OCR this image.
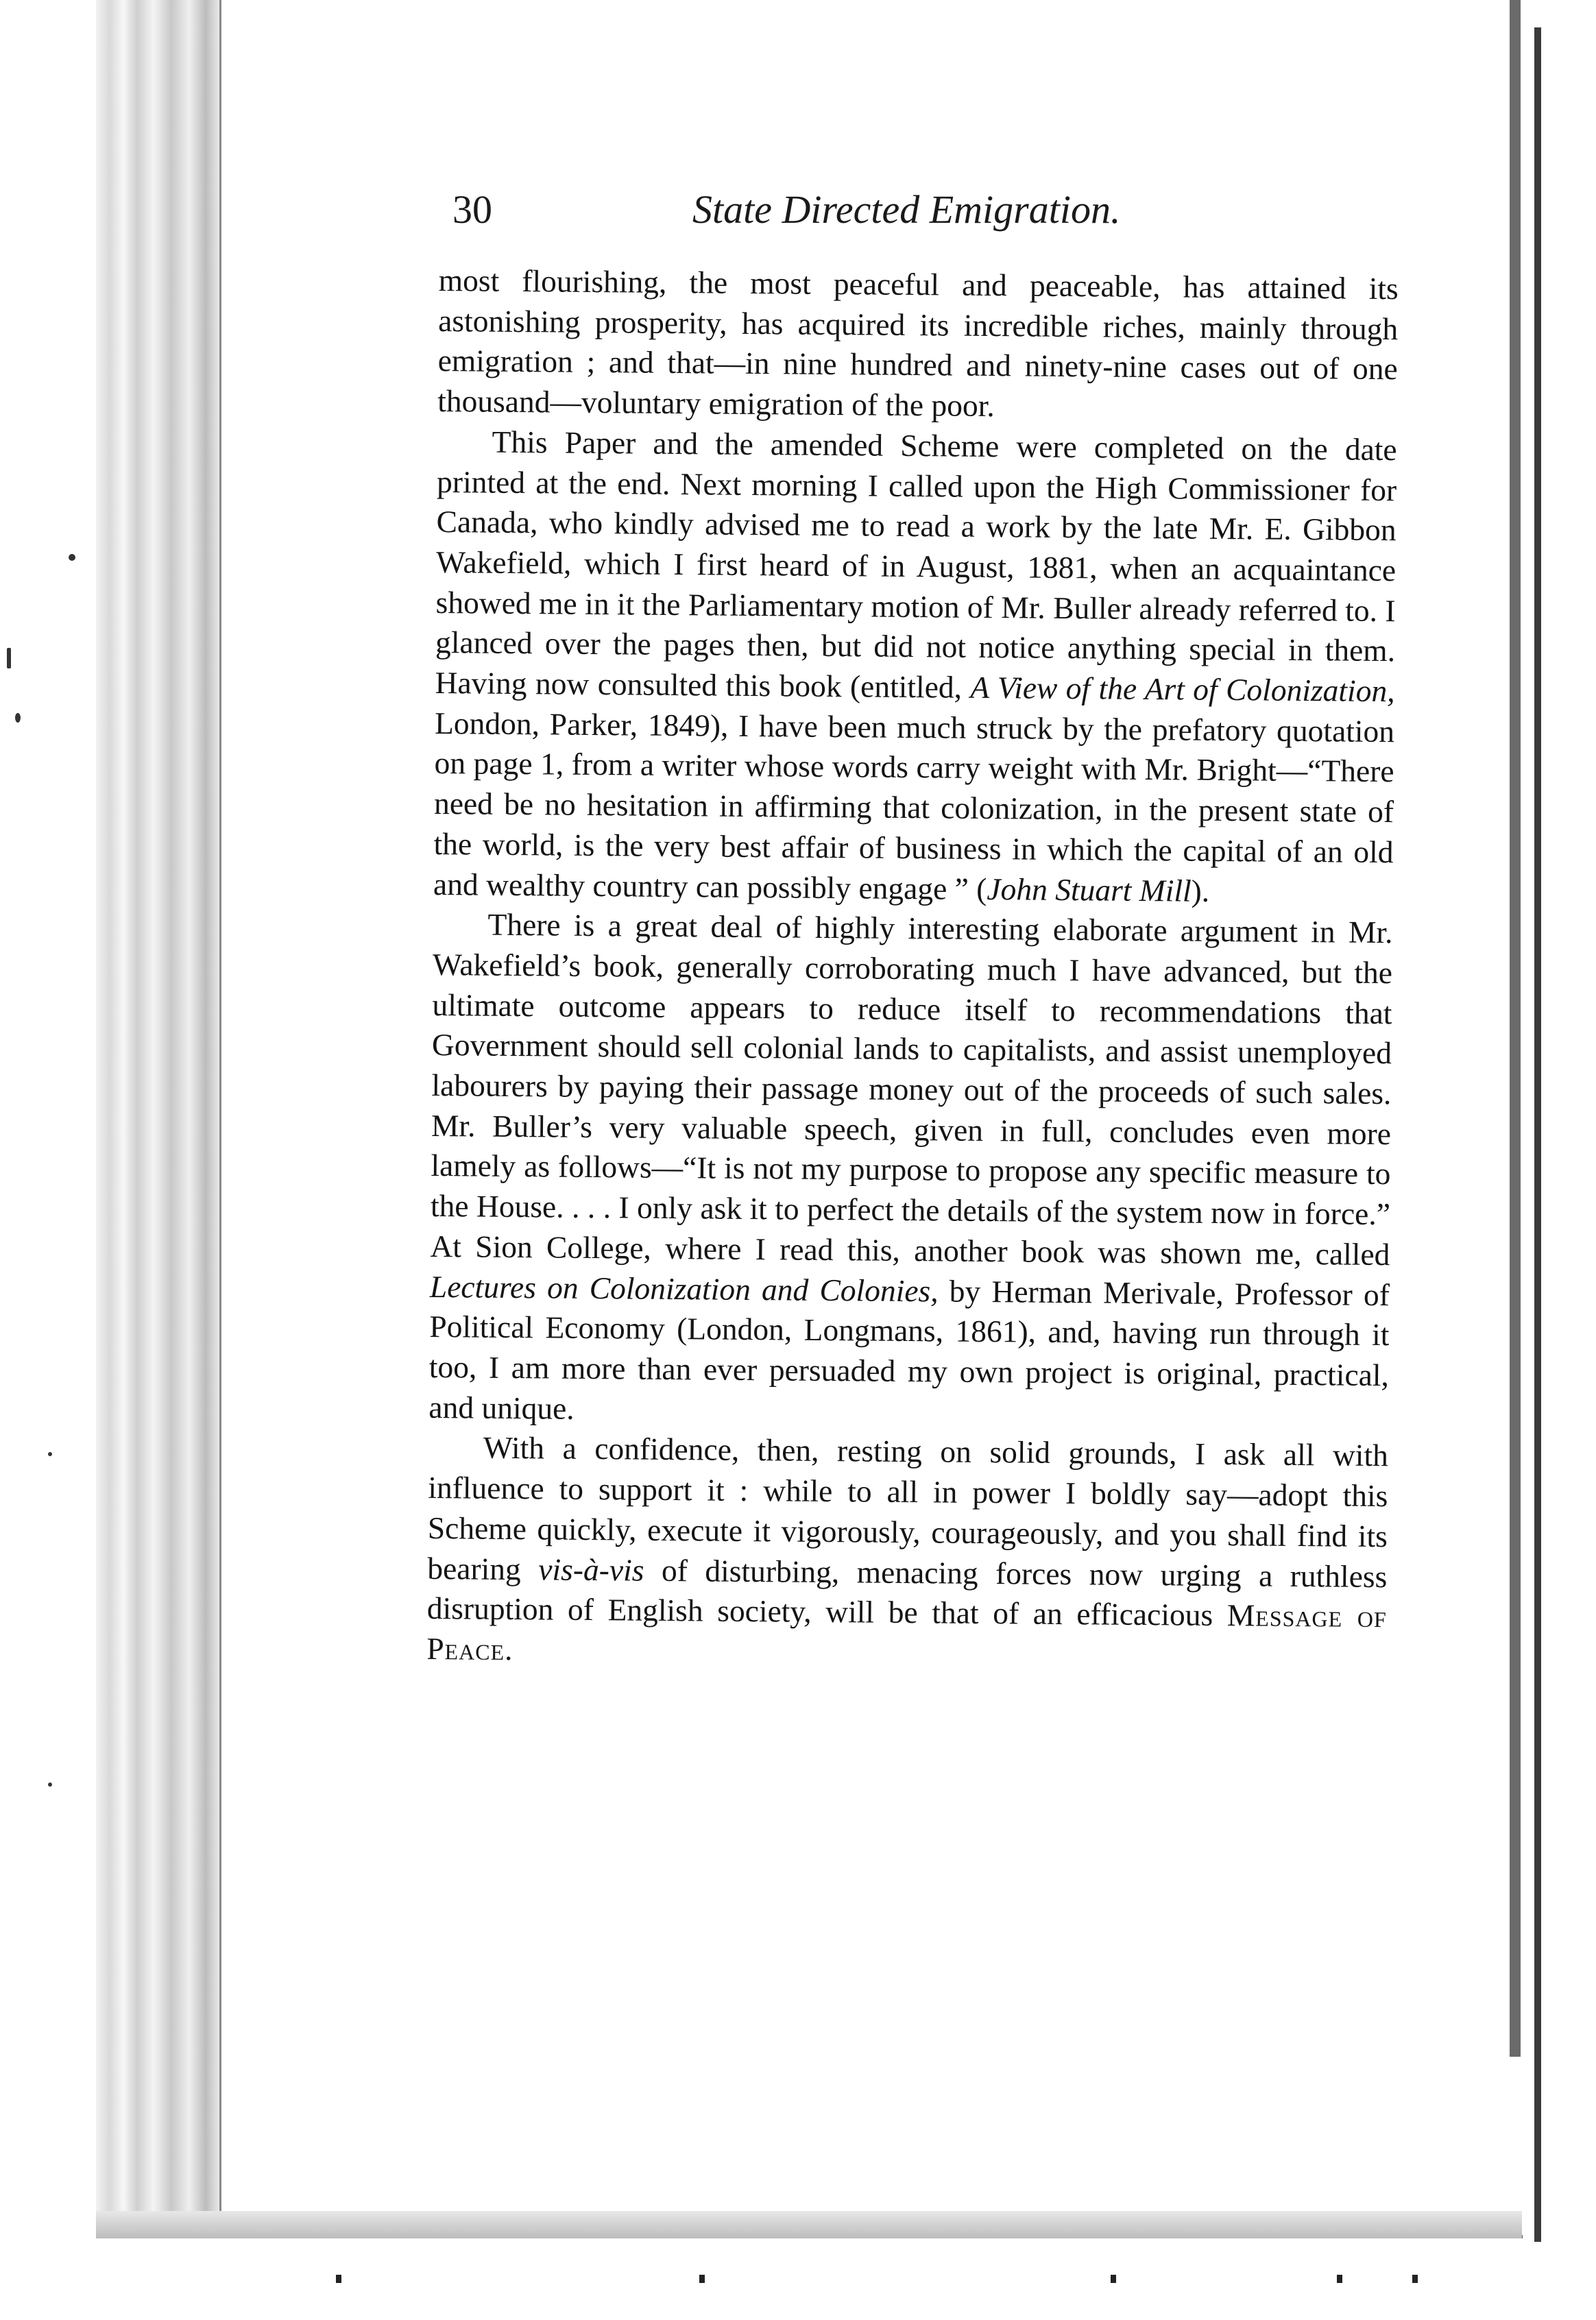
30	State Directed Emigration.

most flourishing, the most peaceful and peaceable, has attained its astonishing prosperity, has acquired its incredible riches, mainly through emigration ; and that—in nine hundred and ninety-nine cases out of one thousand—voluntary emigration of the poor.

This Paper and the amended Scheme were completed on the date printed at the end. Next morning I called upon the High Commissioner for Canada, who kindly advised me to read a work by the late Mr. E. Gibbon Wakefield, which I first heard of in August, 1881, when an acquaintance showed me in it the Parliamentary motion of Mr. Buller already referred to. I glanced over the pages then, but did not notice anything special in them. Having now consulted this book (entitled, A View of the Art of Colonization, London, Parker, 1849), I have been much struck by the prefatory quotation on page 1, from a writer whose words carry weight with Mr. Bright—“There need be no hesitation in affirming that colonization, in the present state of the world, is the very best affair of business in which the capital of an old and wealthy country can possibly engage ” (John Stuart Mill).

There is a great deal of highly interesting elaborate argument in Mr. Wakefield’s book, generally corroborating much I have advanced, but the ultimate outcome appears to reduce itself to recommendations that Government should sell colonial lands to capitalists, and assist unemployed labourers by paying their passage money out of the proceeds of such sales. Mr. Buller’s very valuable speech, given in full, concludes even more lamely as follows—“It is not my purpose to propose any specific measure to the House. . . . I only ask it to perfect the details of the system now in force.” At Sion College, where I read this, another book was shown me, called Lectures on Colonization and Colonies, by Herman Merivale, Professor of Political Economy (London, Longmans, 1861), and, having run through it too, I am more than ever persuaded my own project is original, practical, and unique.

With a confidence, then, resting on solid grounds, I ask all with influence to support it : while to all in power I boldly say—adopt this Scheme quickly, execute it vigorously, courageously, and you shall find its bearing vis-à-vis of disturbing, menacing forces now urging a ruthless disruption of English society, will be that of an efficacious Message of Peace.
